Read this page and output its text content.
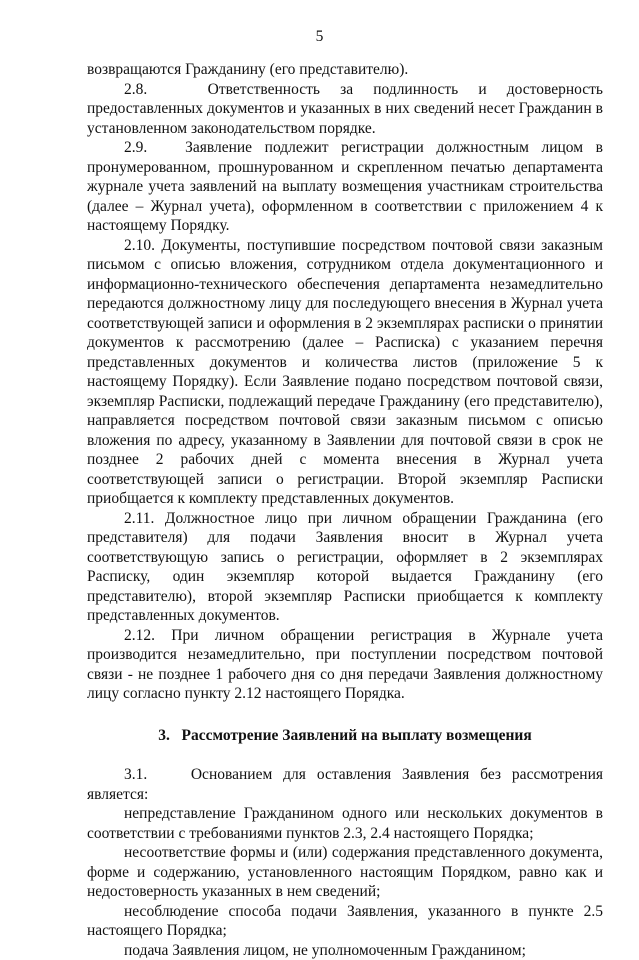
5

возвращаются Гражданину (его представителю).

2.8.   Ответственность за подлинность и достоверность предоставленных документов и указанных в них сведений несет Гражданин в установленном законодательством порядке.

2.9.   Заявление подлежит регистрации должностным лицом в пронумерованном, прошнурованном и скрепленном печатью департамента журнале учета заявлений на выплату возмещения участникам строительства (далее – Журнал учета), оформленном в соответствии с приложением 4 к настоящему Порядку.

2.10. Документы, поступившие посредством почтовой связи заказным письмом с описью вложения, сотрудником отдела документационного и информационно-технического обеспечения департамента незамедлительно передаются должностному лицу для последующего внесения в Журнал учета соответствующей записи и оформления в 2 экземплярах расписки о принятии документов к рассмотрению (далее – Расписка) с указанием перечня представленных документов и количества листов (приложение 5 к настоящему Порядку). Если Заявление подано посредством почтовой связи, экземпляр Расписки, подлежащий передаче Гражданину (его представителю), направляется посредством почтовой связи заказным письмом с описью вложения по адресу, указанному в Заявлении для почтовой связи в срок не позднее 2 рабочих дней с момента внесения в Журнал учета соответствующей записи о регистрации. Второй экземпляр Расписки приобщается к комплекту представленных документов.

2.11. Должностное лицо при личном обращении Гражданина (его представителя) для подачи Заявления вносит в Журнал учета соответствующую запись о регистрации, оформляет в 2 экземплярах Расписку, один экземпляр которой выдается Гражданину (его представителю), второй экземпляр Расписки приобщается к комплекту представленных документов.

2.12. При личном обращении регистрация в Журнале учета производится незамедлительно, при поступлении посредством почтовой связи - не позднее 1 рабочего дня со дня передачи Заявления должностному лицу согласно пункту 2.12 настоящего Порядка.

3.   Рассмотрение Заявлений на выплату возмещения

3.1.    Основанием для оставления Заявления без рассмотрения является:

непредставление Гражданином одного или нескольких документов в соответствии с требованиями пунктов 2.3, 2.4 настоящего Порядка;

несоответствие формы и (или) содержания представленного документа, форме и содержанию, установленного настоящим Порядком, равно как и недостоверность указанных в нем сведений;

несоблюдение способа подачи Заявления, указанного в пункте 2.5 настоящего Порядка;

подача Заявления лицом, не уполномоченным Гражданином;
